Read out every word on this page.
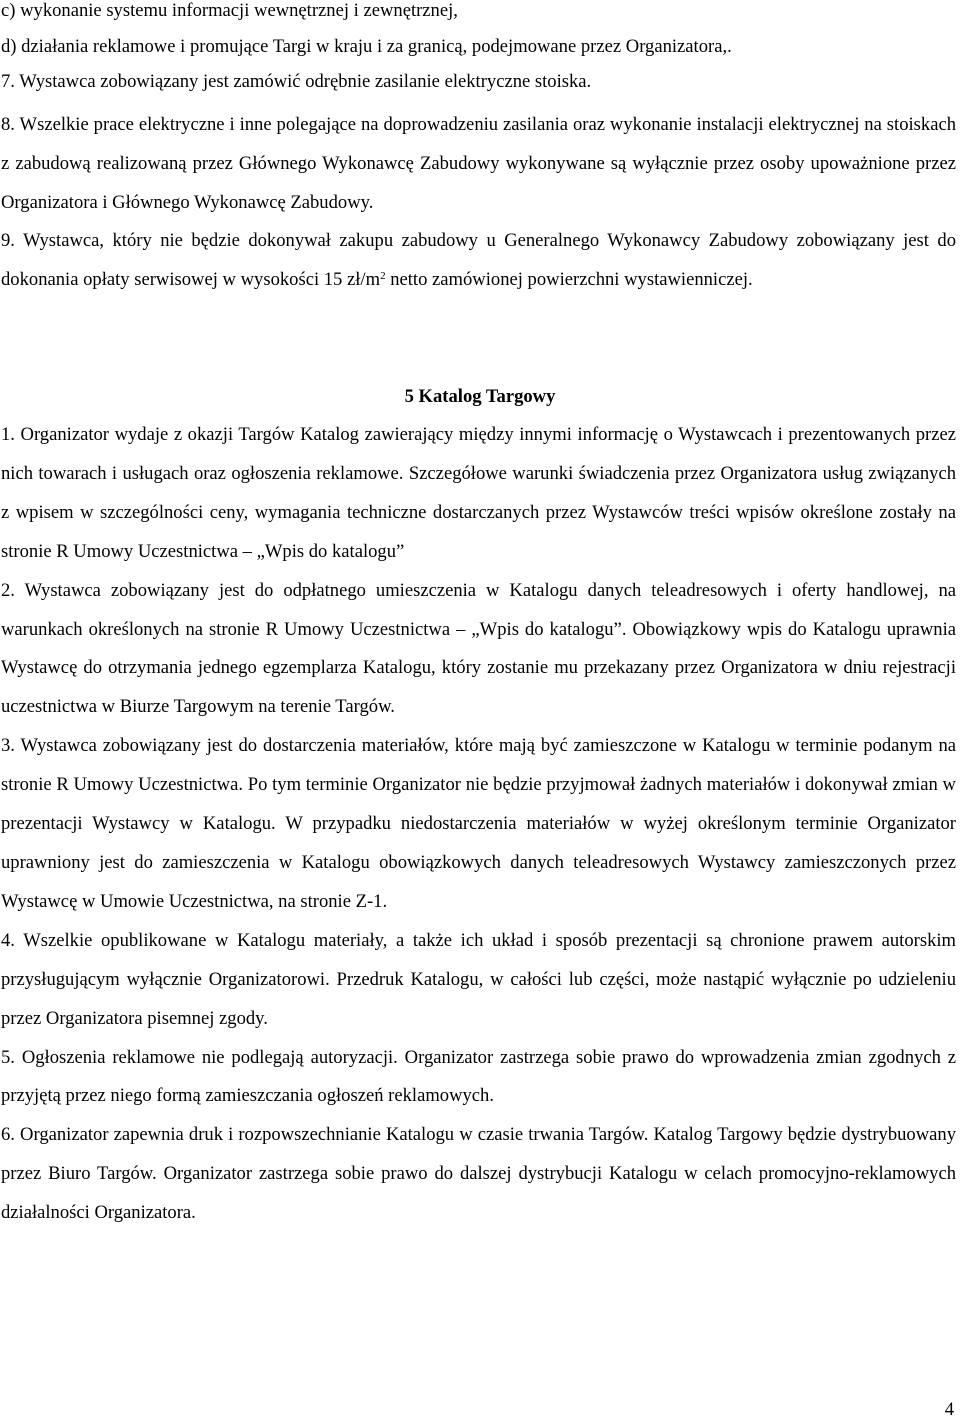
c) wykonanie systemu informacji wewnętrznej i zewnętrznej,
d) działania reklamowe i promujące Targi w kraju i za granicą, podejmowane przez Organizatora,.
7. Wystawca zobowiązany jest zamówić odrębnie zasilanie elektryczne stoiska.

8. Wszelkie prace elektryczne i inne polegające na doprowadzeniu zasilania oraz wykonanie instalacji elektrycznej na stoiskach z zabudową realizowaną przez Głównego Wykonawcę Zabudowy wykonywane są wyłącznie przez osoby upoważnione przez Organizatora i Głównego Wykonawcę Zabudowy.

9. Wystawca, który nie będzie dokonywał zakupu zabudowy u Generalnego Wykonawcy Zabudowy zobowiązany jest do dokonania opłaty serwisowej w wysokości 15 $zł/m^2$ netto zamówionej powierzchni wystawienniczej.

5 Katalog Targowy

1. Organizator wydaje z okazji Targów Katalog zawierający między innymi informację o Wystawcach i prezentowanych przez nich towarach i usługach oraz ogłoszenia reklamowe. Szczegółowe warunki świadczenia przez Organizatora usług związanych z wpisem w szczególności ceny, wymagania techniczne dostarczanych przez Wystawców treści wpisów określone zostały na stronie R Umowy Uczestnictwa – „Wpis do katalogu”

2. Wystawca zobowiązany jest do odpłatnego umieszczenia w Katalogu danych teleadresowych i oferty handlowej, na warunkach określonych na stronie R Umowy Uczestnictwa – „Wpis do katalogu”. Obowiązkowy wpis do Katalogu uprawnia Wystawcę do otrzymania jednego egzemplarza Katalogu, który zostanie mu przekazany przez Organizatora w dniu rejestracji uczestnictwa w Biurze Targowym na terenie Targów.

3. Wystawca zobowiązany jest do dostarczenia materiałów, które mają być zamieszczone w Katalogu w terminie podanym na stronie R Umowy Uczestnictwa. Po tym terminie Organizator nie będzie przyjmował żadnych materiałów i dokonywał zmian w prezentacji Wystawcy w Katalogu. W przypadku niedostarczenia materiałów w wyżej określonym terminie Organizator uprawniony jest do zamieszczenia w Katalogu obowiązkowych danych teleadresowych Wystawcy zamieszczonych przez Wystawcę w Umowie Uczestnictwa, na stronie Z-1.

4. Wszelkie opublikowane w Katalogu materiały, a także ich układ i sposób prezentacji są chronione prawem autorskim przysługującym wyłącznie Organizatorowi. Przedruk Katalogu, w całości lub części, może nastąpić wyłącznie po udzieleniu przez Organizatora pisemnej zgody.

5. Ogłoszenia reklamowe nie podlegają autoryzacji. Organizator zastrzega sobie prawo do wprowadzenia zmian zgodnych z przyjętą przez niego formą zamieszczania ogłoszeń reklamowych.

6. Organizator zapewnia druk i rozpowszechnianie Katalogu w czasie trwania Targów. Katalog Targowy będzie dystrybuowany przez Biuro Targów. Organizator zastrzega sobie prawo do dalszej dystrybucji Katalogu w celach promocyjno-reklamowych działalności Organizatora.

4
